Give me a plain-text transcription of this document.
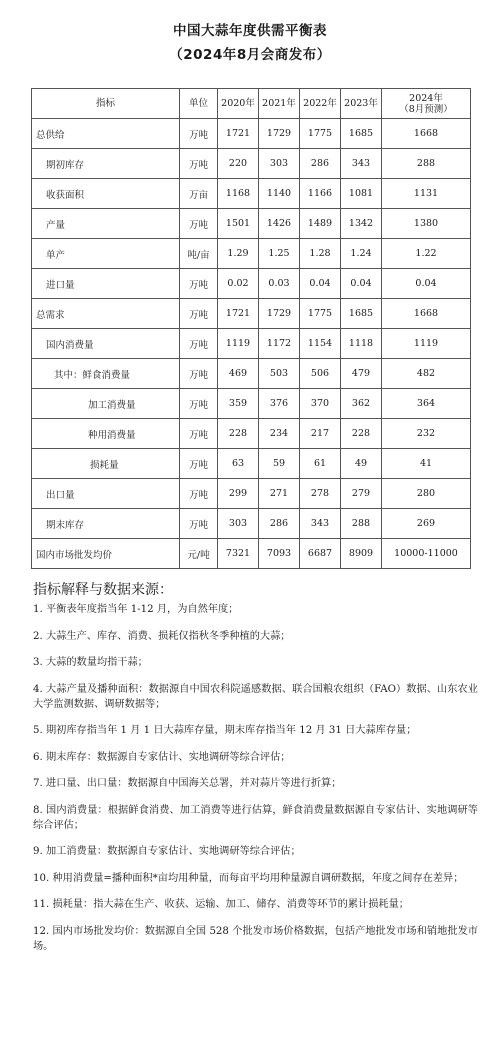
中国大蒜年度供需平衡表
（2024年8月会商发布）
指标	单位	2020年	2021年	2022年	2023年	2024年
（8月预测）
总供给	万吨	1721	1729	1775	1685	1668
期初库存	万吨	220	303	286	343	288
收获面积	万亩	1168	1140	1166	1081	1131
产量	万吨	1501	1426	1489	1342	1380
单产	吨/亩	1.29	1.25	1.28	1.24	1.22
进口量	万吨	0.02	0.03	0.04	0.04	0.04
总需求	万吨	1721	1729	1775	1685	1668
国内消费量	万吨	1119	1172	1154	1118	1119
其中：鲜食消费量	万吨	469	503	506	479	482
加工消费量	万吨	359	376	370	362	364
种用消费量	万吨	228	234	217	228	232
损耗量	万吨	63	59	61	49	41
出口量	万吨	299	271	278	279	280
期末库存	万吨	303	286	343	288	269
国内市场批发均价	元/吨	7321	7093	6687	8909	10000-11000
指标解释与数据来源：

1. 平衡表年度指当年 1-12 月，为自然年度；

2. 大蒜生产、库存、消费、损耗仅指秋冬季种植的大蒜；

3. 大蒜的数量均指干蒜；

4. 大蒜产量及播种面积：数据源自中国农科院遥感数据、联合国粮农组织（FAO）数据、山东农业大学监测数据、调研数据等；

5. 期初库存指当年 1 月 1 日大蒜库存量，期末库存指当年 12 月 31 日大蒜库存量；

6. 期末库存：数据源自专家估计、实地调研等综合评估；

7. 进口量、出口量：数据源自中国海关总署，并对蒜片等进行折算；

8. 国内消费量：根据鲜食消费、加工消费等进行估算，鲜食消费量数据源自专家估计、实地调研等综合评估；

9. 加工消费量：数据源自专家估计、实地调研等综合评估；

10. 种用消费量=播种面积*亩均用种量，而每亩平均用种量源自调研数据，年度之间存在差异；

11. 损耗量：指大蒜在生产、收获、运输、加工、储存、消费等环节的累计损耗量；

12. 国内市场批发均价：数据源自全国 528 个批发市场价格数据，包括产地批发市场和销地批发市场。
